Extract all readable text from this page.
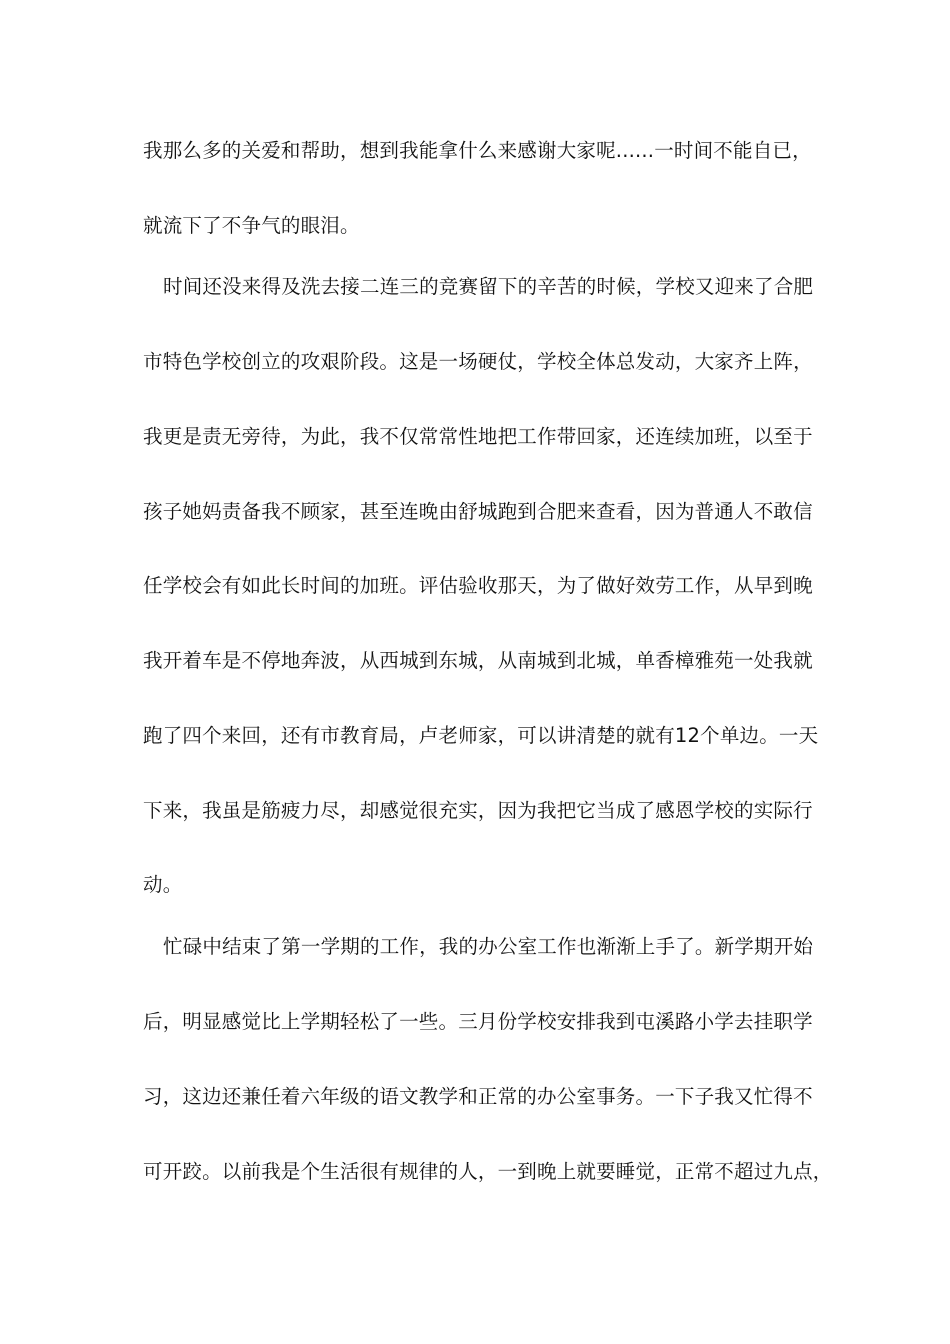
我那么多的关爱和帮助，想到我能拿什么来感谢大家呢......一时间不能自已，
就流下了不争气的眼泪。
时间还没来得及洗去接二连三的竞赛留下的辛苦的时候，学校又迎来了合肥
市特色学校创立的攻艰阶段。这是一场硬仗，学校全体总发动，大家齐上阵，
我更是责无旁待，为此，我不仅常常性地把工作带回家，还连续加班，以至于
孩子她妈责备我不顾家，甚至连晚由舒城跑到合肥来查看，因为普通人不敢信
任学校会有如此长时间的加班。评估验收那天，为了做好效劳工作，从早到晚
我开着车是不停地奔波，从西城到东城，从南城到北城，单香樟雅苑一处我就
跑了四个来回，还有市教育局，卢老师家，可以讲清楚的就有12个单边。一天
下来，我虽是筋疲力尽，却感觉很充实，因为我把它当成了感恩学校的实际行
动。
忙碌中结束了第一学期的工作，我的办公室工作也渐渐上手了。新学期开始
后，明显感觉比上学期轻松了一些。三月份学校安排我到屯溪路小学去挂职学
习，这边还兼任着六年级的语文教学和正常的办公室事务。一下子我又忙得不
可开跤。以前我是个生活很有规律的人，一到晚上就要睡觉，正常不超过九点，
